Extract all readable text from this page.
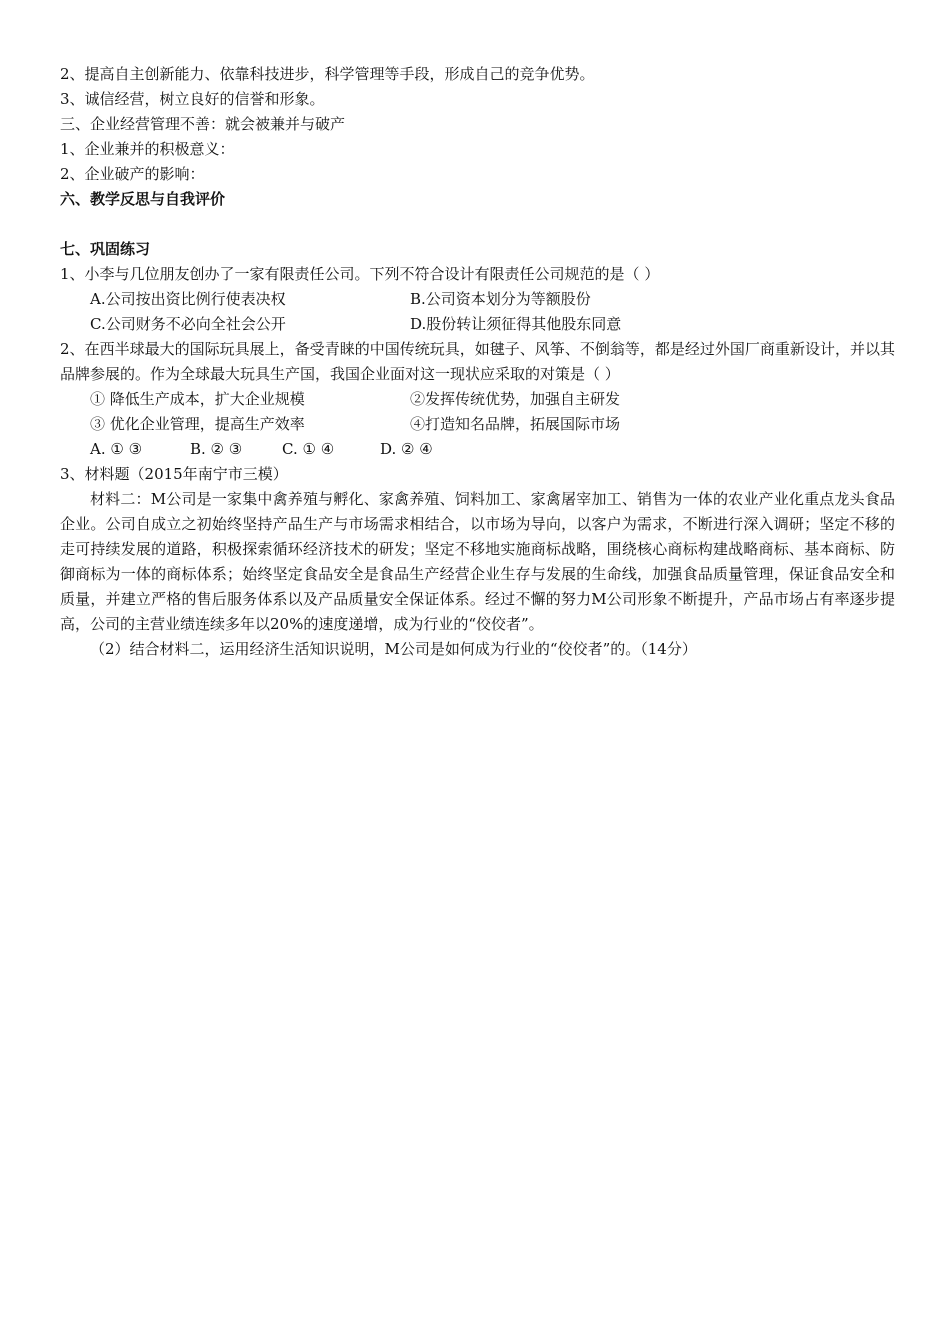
2、提高自主创新能力、依靠科技进步，科学管理等手段，形成自己的竞争优势。
3、诚信经营，树立良好的信誉和形象。
三、企业经营管理不善：就会被兼并与破产
1、企业兼并的积极意义：
2、企业破产的影响：
六、教学反思与自我评价
七、巩固练习
1、小李与几位朋友创办了一家有限责任公司。下列不符合设计有限责任公司规范的是（ ）
A.公司按出资比例行使表决权	B.公司资本划分为等额股份
C.公司财务不必向全社会公开	D.股份转让须征得其他股东同意
2、在西半球最大的国际玩具展上，备受青睐的中国传统玩具，如毽子、风筝、不倒翁等，都是经过外国厂商重新设计，并以其品牌参展的。作为全球最大玩具生产国，我国企业面对这一现状应采取的对策是（ ）
① 降低生产成本，扩大企业规模	②发挥传统优势，加强自主研发
③ 优化企业管理，提高生产效率	④打造知名品牌，拓展国际市场
A. ① ③	B. ② ③	C. ① ④	D. ② ④
3、材料题（2015年南宁市三模）
材料二：M公司是一家集中禽养殖与孵化、家禽养殖、饲料加工、家禽屠宰加工、销售为一体的农业产业化重点龙头食品企业。公司自成立之初始终坚持产品生产与市场需求相结合，以市场为导向，以客户为需求，不断进行深入调研；坚定不移的走可持续发展的道路，积极探索循环经济技术的研发；坚定不移地实施商标战略，围绕核心商标构建战略商标、基本商标、防御商标为一体的商标体系；始终坚定食品安全是食品生产经营企业生存与发展的生命线，加强食品质量管理，保证食品安全和质量，并建立严格的售后服务体系以及产品质量安全保证体系。经过不懈的努力M公司形象不断提升，产品市场占有率逐步提高，公司的主营业绩连续多年以20%的速度递增，成为行业的“佼佼者”。
（2）结合材料二，运用经济生活知识说明，M公司是如何成为行业的“佼佼者”的。（14分）
